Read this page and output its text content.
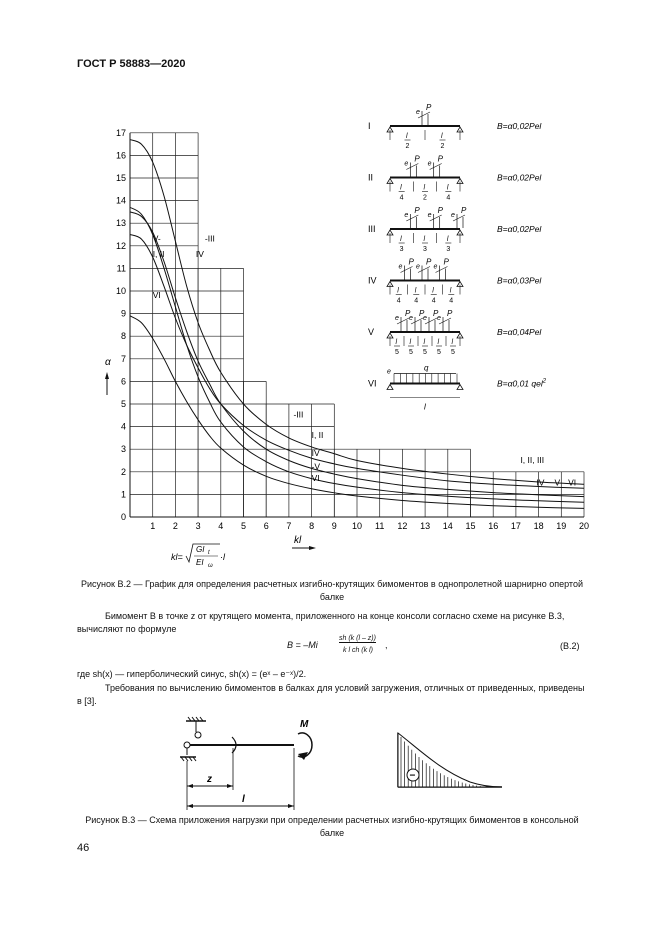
ГОСТ Р 58883—2020
0
1
2
3
4
5
6
7
8
9
10
11
12
13
14
15
16
17
1 2 3 4 5 6 7 8 9 10 11 12 13 14 15 16 17 18 19 20
-III
V-
I, II	IV
VI
-III
I, II
IV
-V
VI
I, II, III
IV V VI
α
kl
kl=
GI t
EI ω
·l
I
e
P
l
2
l
2
B=α0,02Pel
II
e
P
e
P
l
4
l
2
l
4
B=α0,02Pel
III
e
P
e
P
e
P
l
3
l
3
l
3
B=α0,02Pel
IV
e
P
e
P
e
P
l
4
l
4
l
4
l
4
B=α0,03Pel
V
e
P
e
P
e
P
e
P
l
5
l
5
l
5
l
5
l
5
B=α0,04Pel
VI
e	q
l
B=α0,01 qel$^2$
Рисунок В.2 — График для определения расчетных изгибно-крутящих бимоментов в однопролетной шарнирно опертой балке
Бимомент В в точке z от крутящего момента, приложенного на конце консоли согласно схеме на рисунке В.3, вычисляют по формуле
B = –Mi
sh (k (l – z))
k l ch (k l)
,	(B.2)
где sh(x) — гиперболический синус, sh(x) = (eˣ – e⁻ˣ)/2.
Требования по вычислению бимоментов в балках для условий загружения, отличных от приведенных, приведены в [3].
M
z
l
−
Рисунок В.3 — Схема приложения нагрузки при определении расчетных изгибно-крутящих бимоментов в консольной балке
46
